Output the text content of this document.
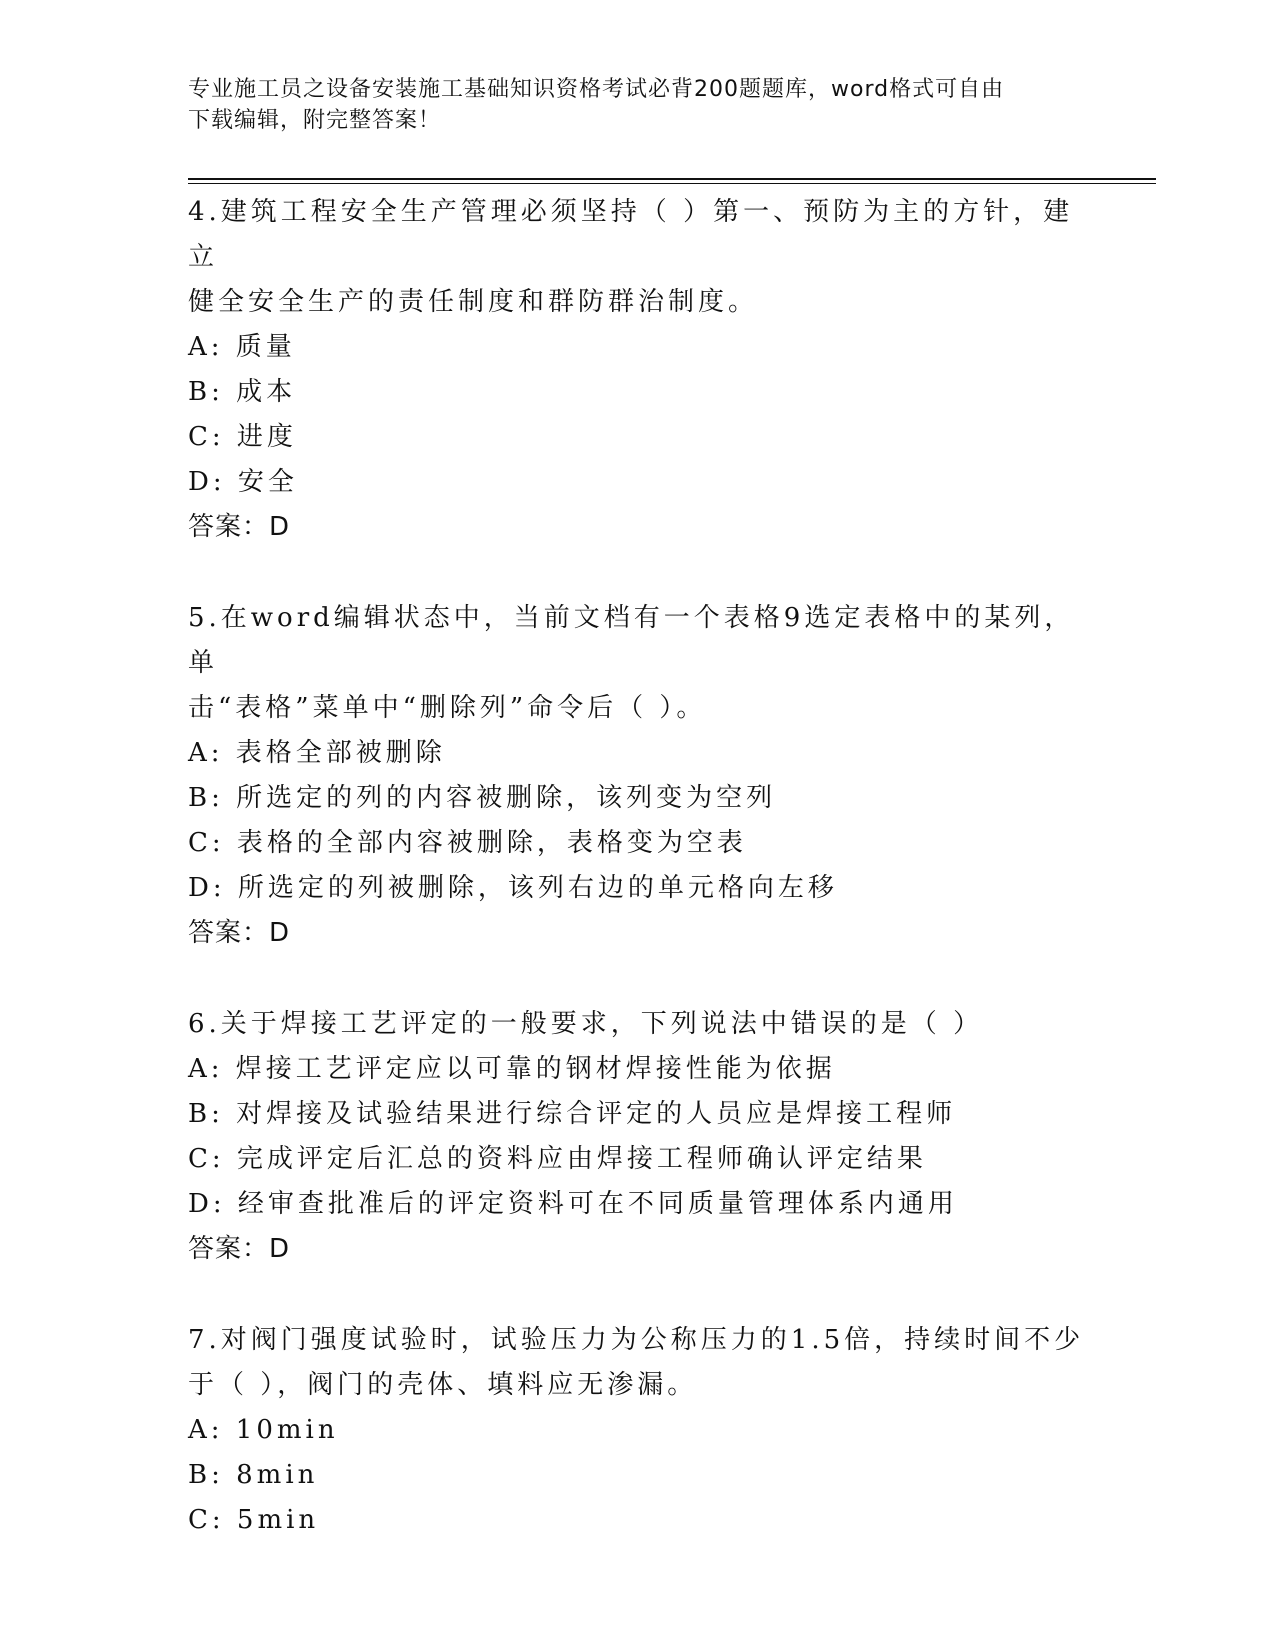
专业施工员之设备安装施工基础知识资格考试必背200题题库，word格式可自由
下载编辑，附完整答案！
4.建筑工程安全生产管理必须坚持（ ）第一、预防为主的方针，建立
健全安全生产的责任制度和群防群治制度。
A: 质量
B: 成本
C: 进度
D: 安全
答案：D
5.在word编辑状态中，当前文档有一个表格9选定表格中的某列，单
击“表格”菜单中“删除列”命令后（ ）。
A: 表格全部被删除
B: 所选定的列的内容被删除，该列变为空列
C: 表格的全部内容被删除，表格变为空表
D: 所选定的列被删除，该列右边的单元格向左移
答案：D
6.关于焊接工艺评定的一般要求，下列说法中错误的是（ ）
A: 焊接工艺评定应以可靠的钢材焊接性能为依据
B: 对焊接及试验结果进行综合评定的人员应是焊接工程师
C: 完成评定后汇总的资料应由焊接工程师确认评定结果
D: 经审查批准后的评定资料可在不同质量管理体系内通用
答案：D
7.对阀门强度试验时，试验压力为公称压力的1.5倍，持续时间不少
于（ ），阀门的壳体、填料应无渗漏。
A: 10min
B: 8min
C: 5min
